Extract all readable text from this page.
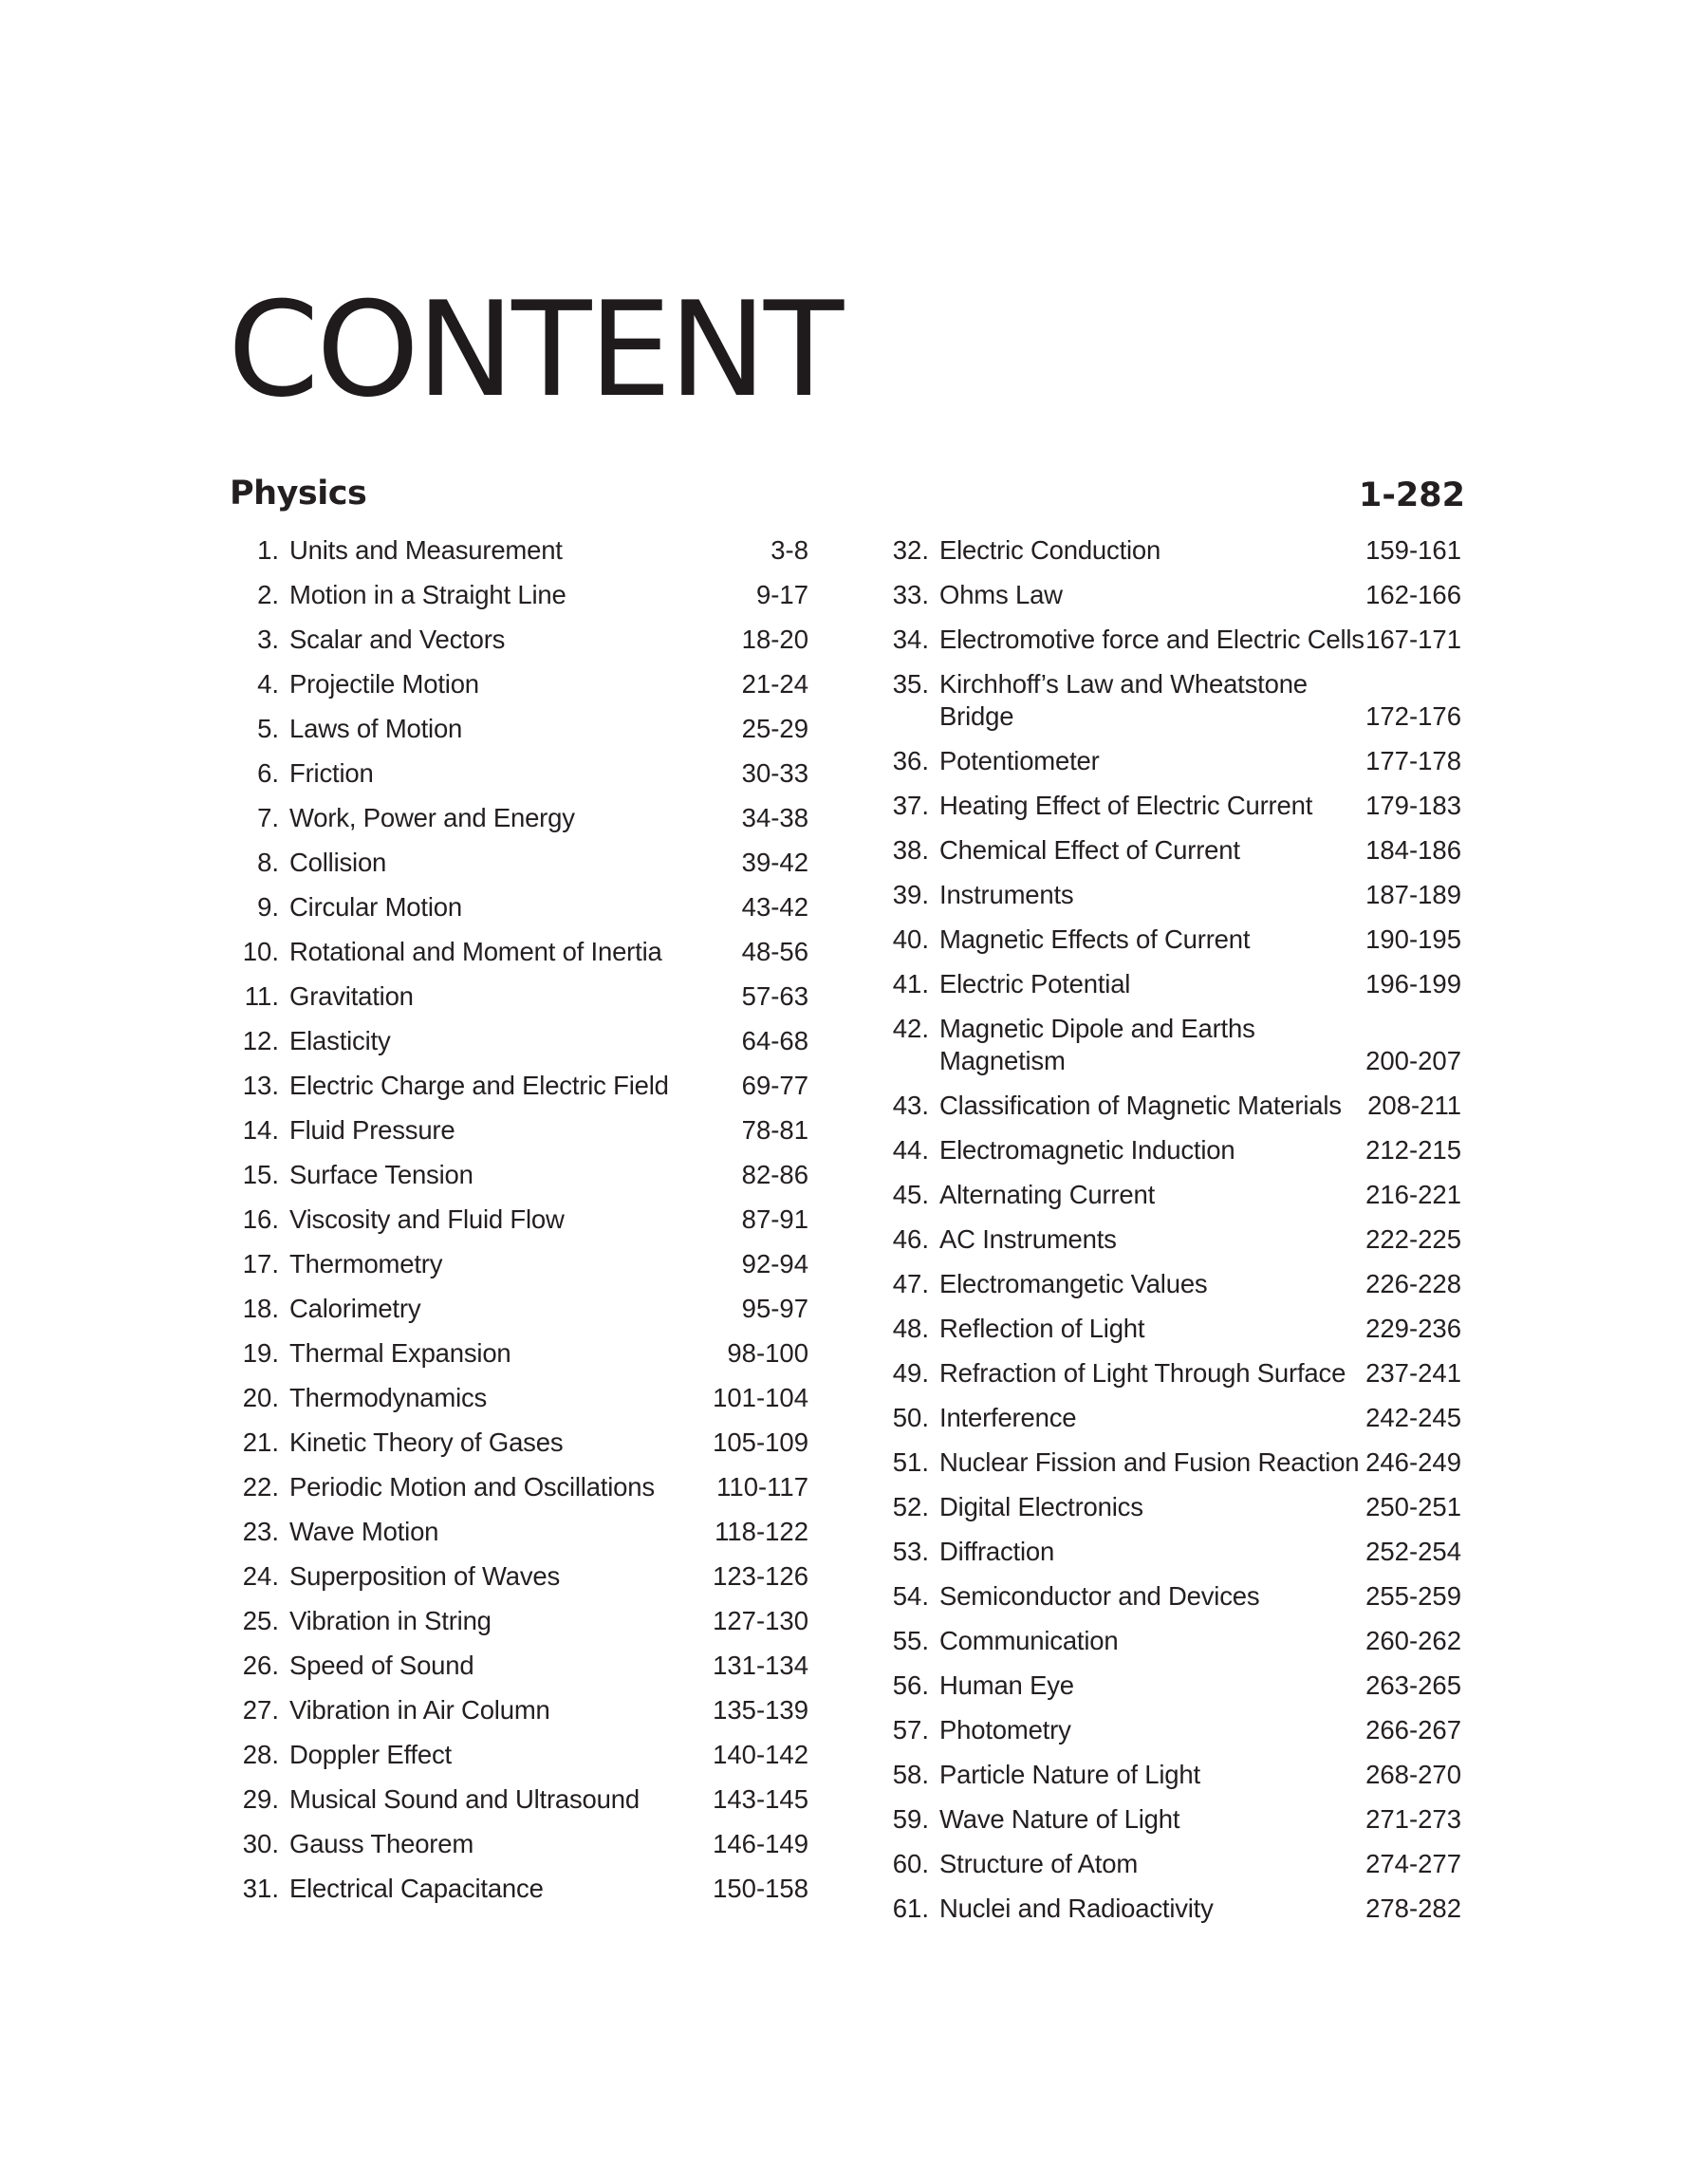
CONTENT
Physics	1-282
1. Units and Measurement	3-8
2. Motion in a Straight Line	9-17
3. Scalar and Vectors	18-20
4. Projectile Motion	21-24
5. Laws of Motion	25-29
6. Friction	30-33
7. Work, Power and Energy	34-38
8. Collision	39-42
9. Circular Motion	43-42
10. Rotational and Moment of Inertia	48-56
11. Gravitation	57-63
12. Elasticity	64-68
13. Electric Charge and Electric Field	69-77
14. Fluid Pressure	78-81
15. Surface Tension	82-86
16. Viscosity and Fluid Flow	87-91
17. Thermometry	92-94
18. Calorimetry	95-97
19. Thermal Expansion	98-100
20. Thermodynamics	101-104
21. Kinetic Theory of Gases	105-109
22. Periodic Motion and Oscillations	110-117
23. Wave Motion	118-122
24. Superposition of Waves	123-126
25. Vibration in String	127-130
26. Speed of Sound	131-134
27. Vibration in Air Column	135-139
28. Doppler Effect	140-142
29. Musical Sound and Ultrasound	143-145
30. Gauss Theorem	146-149
31. Electrical Capacitance	150-158
32. Electric Conduction	159-161
33. Ohms Law	162-166
34. Electromotive force and Electric Cells 167-171
35. Kirchhoff’s Law and Wheatstone Bridge	172-176
36. Potentiometer	177-178
37. Heating Effect of Electric Current	179-183
38. Chemical Effect of Current	184-186
39. Instruments	187-189
40. Magnetic Effects of Current	190-195
41. Electric Potential	196-199
42. Magnetic Dipole and Earths Magnetism	200-207
43. Classification of Magnetic Materials 208-211
44. Electromagnetic Induction	212-215
45. Alternating Current	216-221
46. AC Instruments	222-225
47. Electromangetic Values	226-228
48. Reflection of Light	229-236
49. Refraction of Light Through Surface 237-241
50. Interference	242-245
51. Nuclear Fission and Fusion Reaction 246-249
52. Digital Electronics	250-251
53. Diffraction	252-254
54. Semiconductor and Devices	255-259
55. Communication	260-262
56. Human Eye	263-265
57. Photometry	266-267
58. Particle Nature of Light	268-270
59. Wave Nature of Light	271-273
60. Structure of Atom	274-277
61. Nuclei and Radioactivity	278-282
